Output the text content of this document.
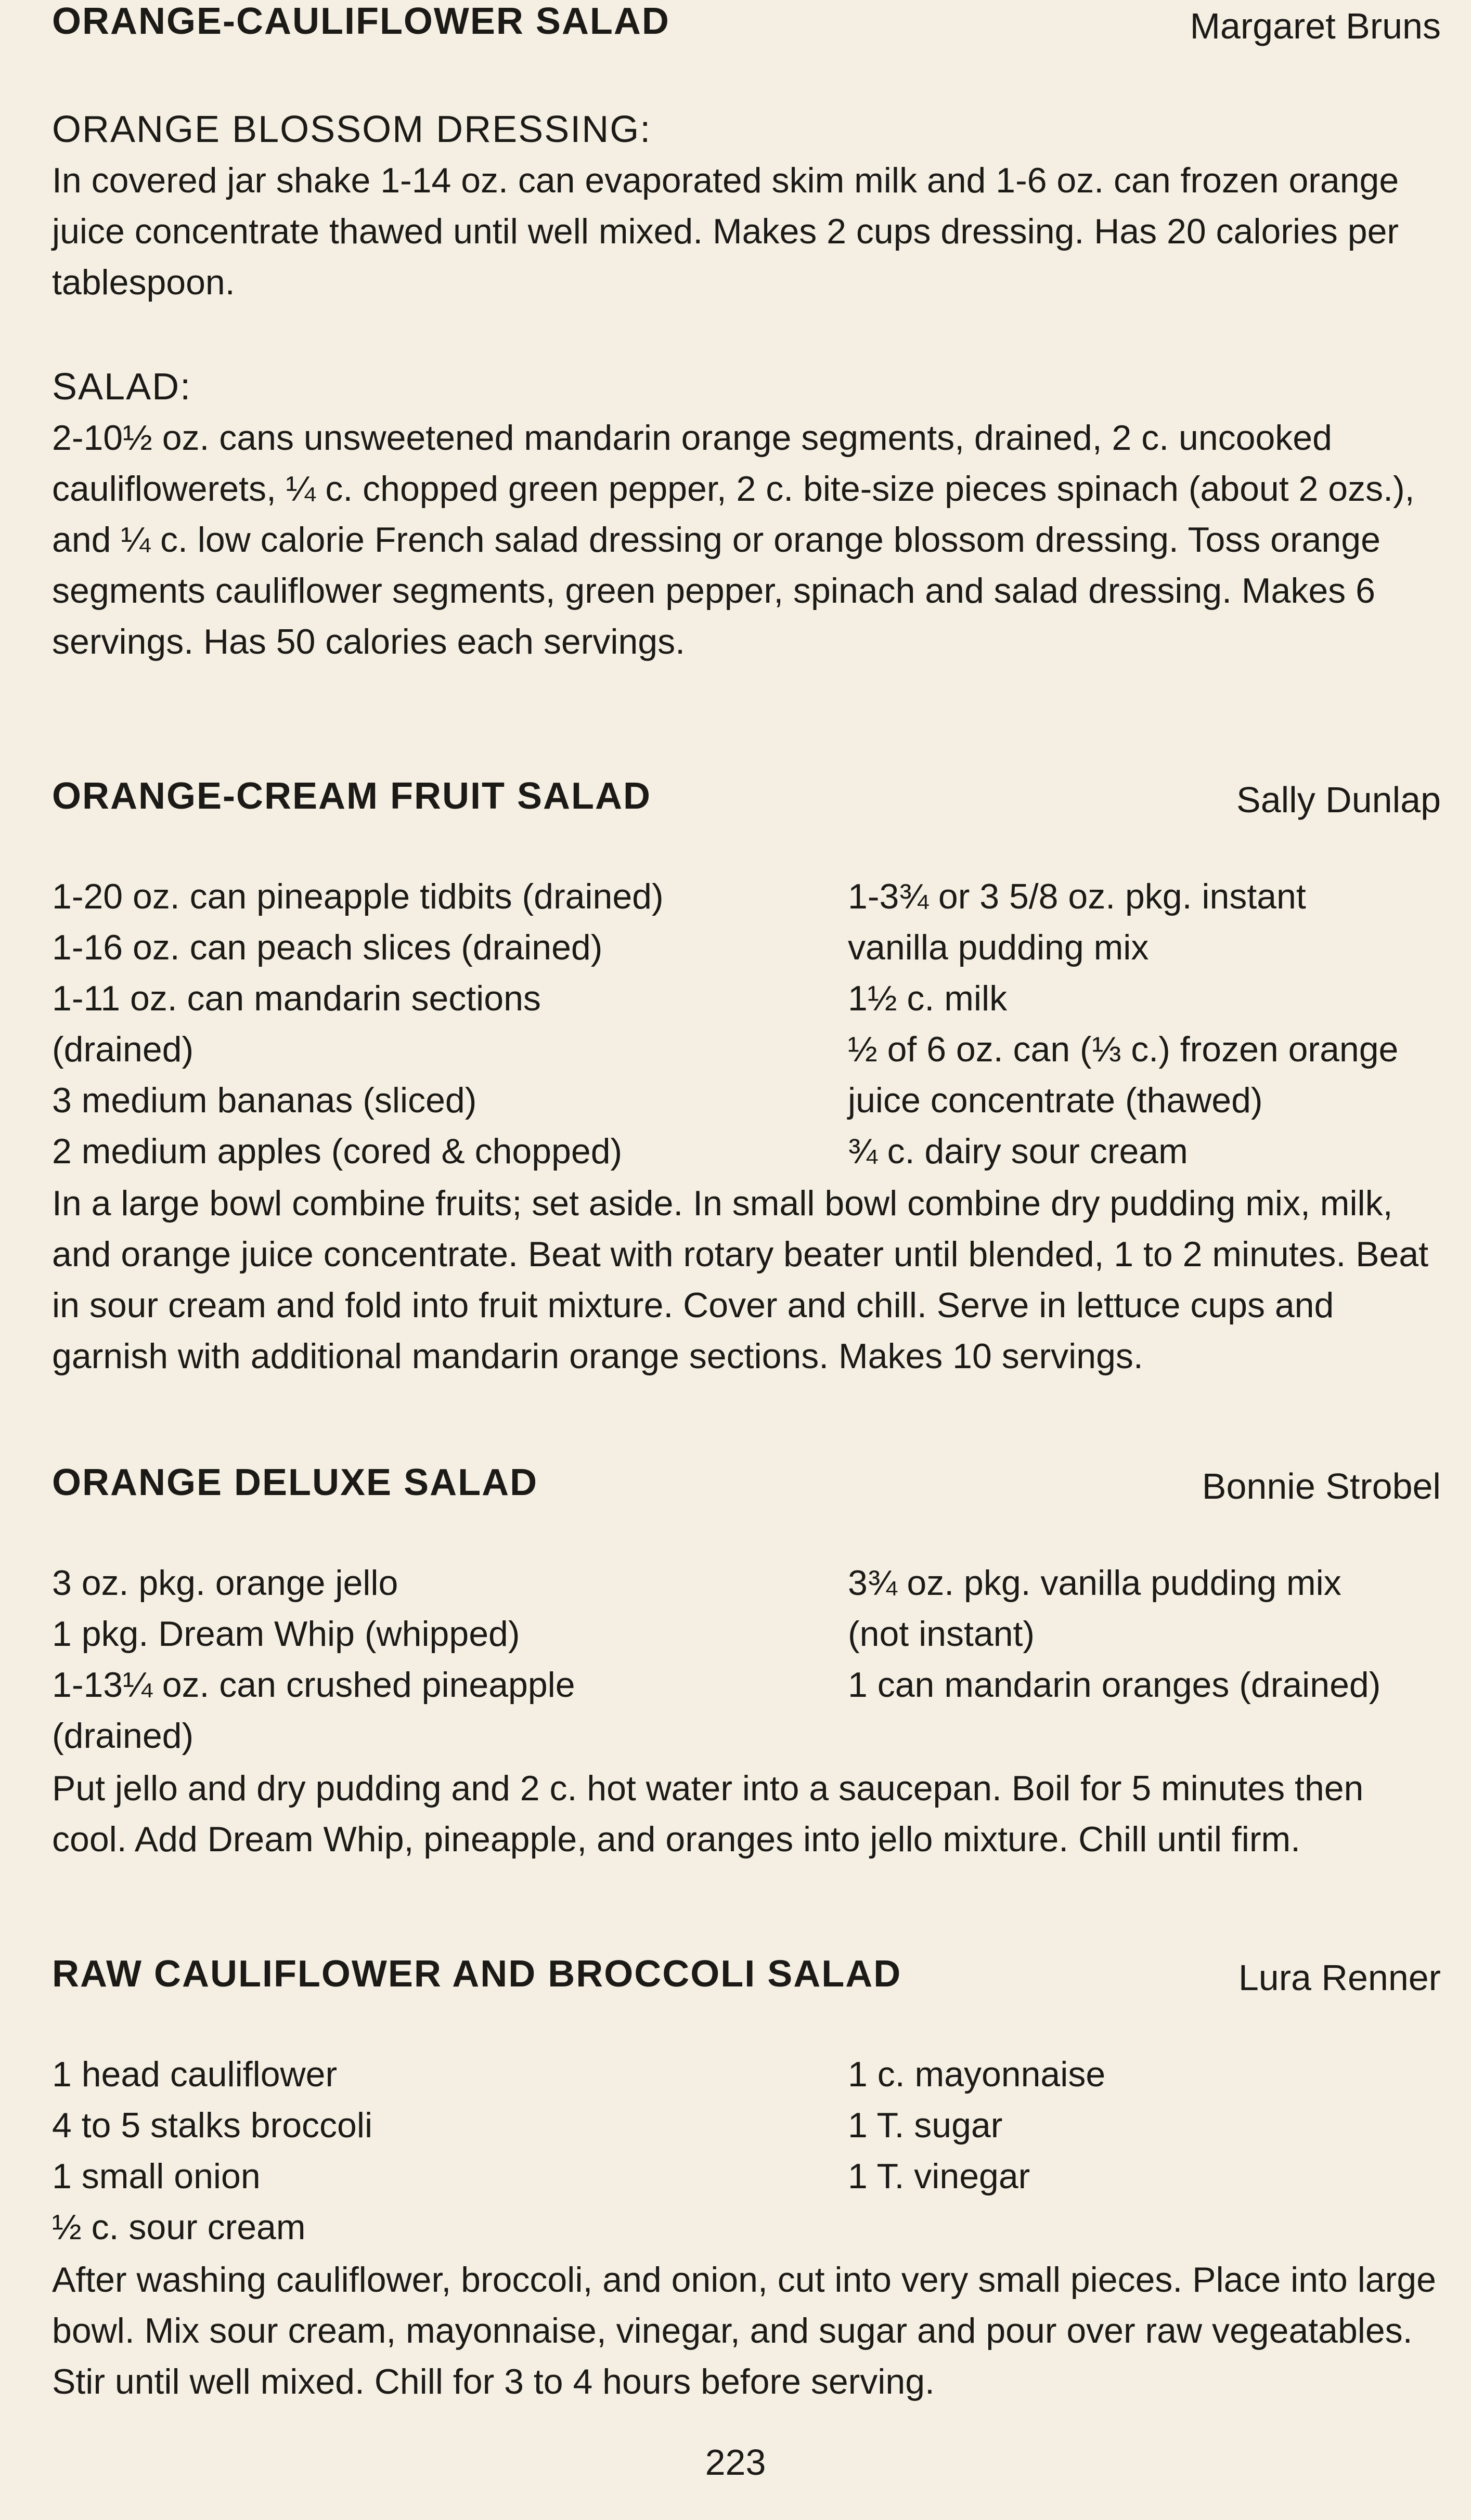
ORANGE-CAULIFLOWER SALAD	Margaret Bruns

ORANGE BLOSSOM DRESSING:

In covered jar shake 1-14 oz. can evaporated skim milk and 1-6 oz. can frozen orange juice concentrate thawed until well mixed. Makes 2 cups dressing. Has 20 calories per tablespoon.

SALAD:

2-10½ oz. cans unsweetened mandarin orange segments, drained, 2 c. uncooked cauliflowerets, ¼ c. chopped green pepper, 2 c. bite-size pieces spinach (about 2 ozs.), and ¼ c. low calorie French salad dressing or orange blossom dressing. Toss orange segments cauliflower segments, green pepper, spinach and salad dressing. Makes 6 servings. Has 50 calories each servings.

ORANGE-CREAM FRUIT SALAD	Sally Dunlap
1-20 oz. can pineapple tidbits (drained)
1-16 oz. can peach slices (drained)
1-11 oz. can mandarin sections
(drained)
3 medium bananas (sliced)
2 medium apples (cored & chopped)
1-3¾ or 3 5/8 oz. pkg. instant
vanilla pudding mix
1½ c. milk
½ of 6 oz. can (⅓ c.) frozen orange
juice concentrate (thawed)
¾ c. dairy sour cream

In a large bowl combine fruits; set aside. In small bowl combine dry pudding mix, milk, and orange juice concentrate. Beat with rotary beater until blended, 1 to 2 minutes. Beat in sour cream and fold into fruit mixture. Cover and chill. Serve in lettuce cups and garnish with additional mandarin orange sections. Makes 10 servings.

ORANGE DELUXE SALAD	Bonnie Strobel
3 oz. pkg. orange jello
1 pkg. Dream Whip (whipped)
1-13¼ oz. can crushed pineapple
(drained)
3¾ oz. pkg. vanilla pudding mix
(not instant)
1 can mandarin oranges (drained)

Put jello and dry pudding and 2 c. hot water into a saucepan. Boil for 5 minutes then cool. Add Dream Whip, pineapple, and oranges into jello mixture. Chill until firm.

RAW CAULIFLOWER AND BROCCOLI SALAD	Lura Renner
1 head cauliflower
4 to 5 stalks broccoli
1 small onion
½ c. sour cream
1 c. mayonnaise
1 T. sugar
1 T. vinegar

After washing cauliflower, broccoli, and onion, cut into very small pieces. Place into large bowl. Mix sour cream, mayonnaise, vinegar, and sugar and pour over raw vegeatables. Stir until well mixed. Chill for 3 to 4 hours before serving.

223
